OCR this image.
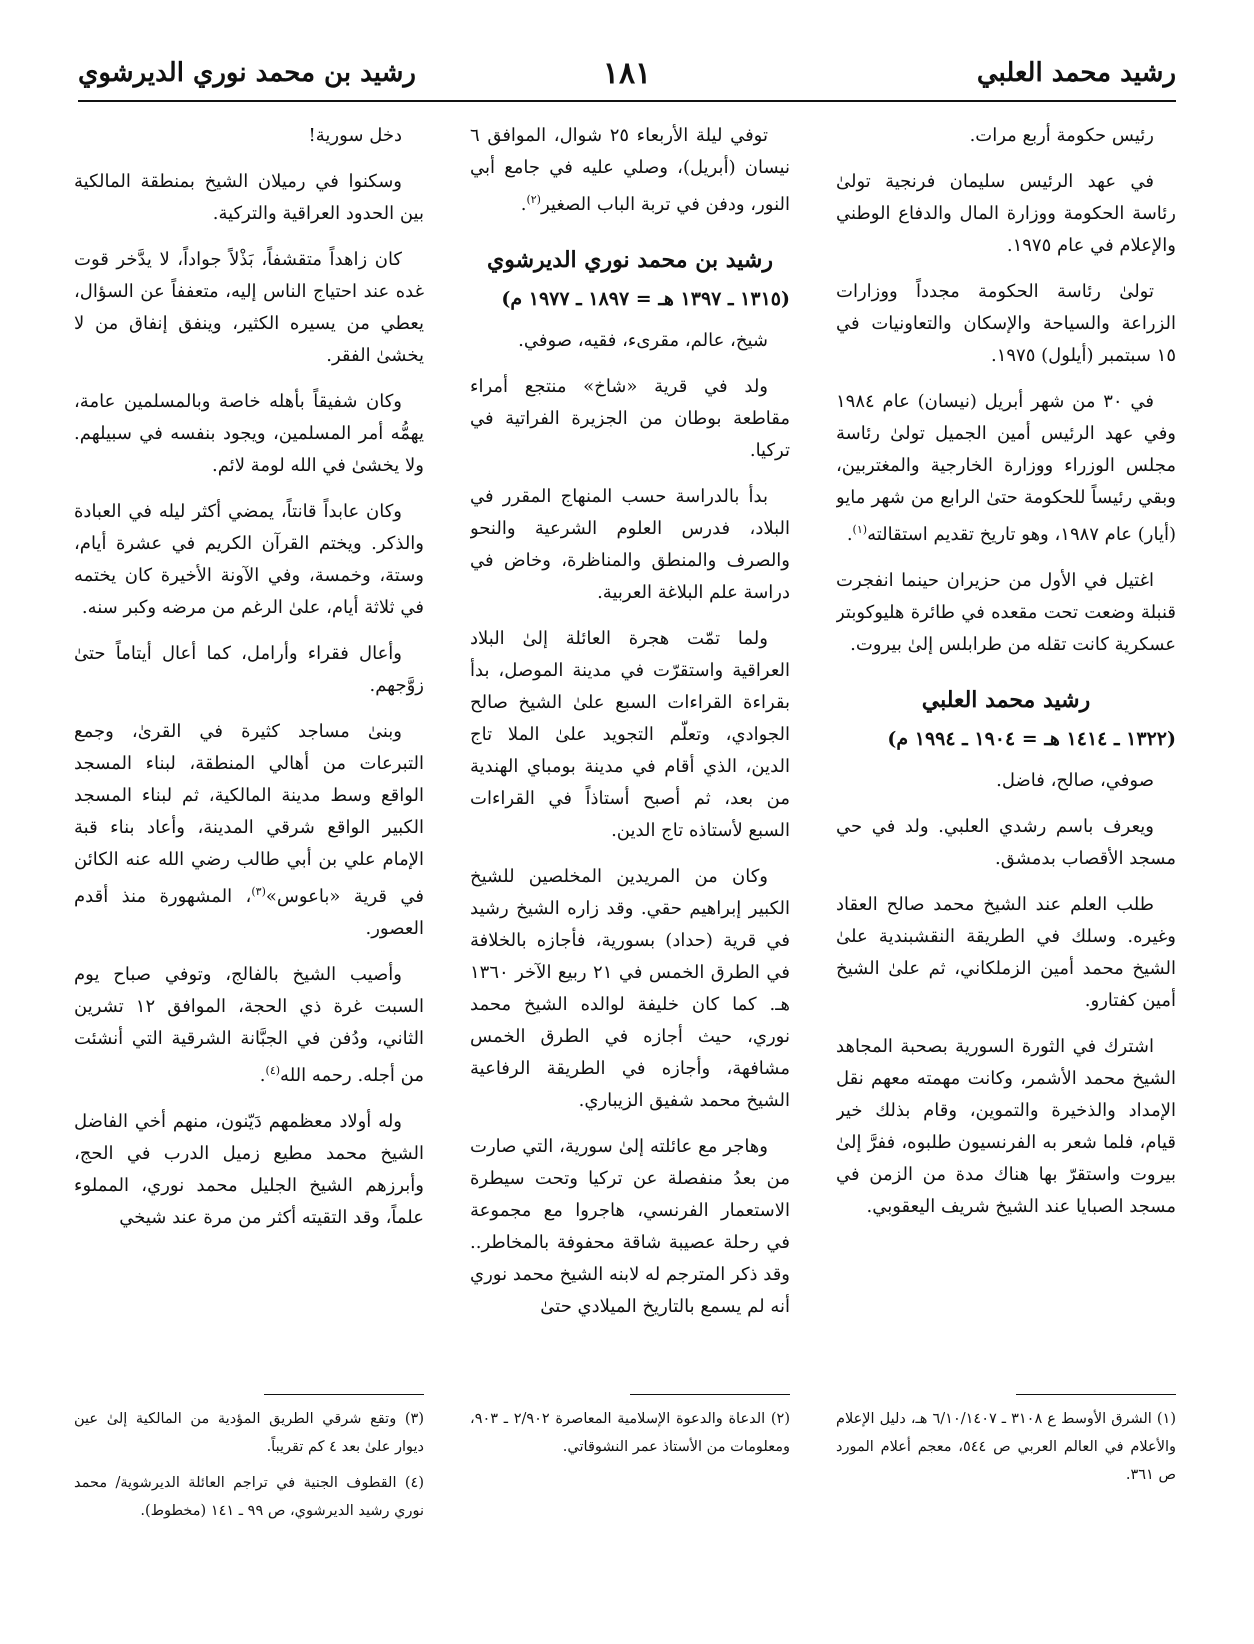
رشيد محمد العلبي
١٨١
رشيد بن محمد نوري الديرشوي

رئيس حكومة أربع مرات.

في عهد الرئيس سليمان فرنجية تولىٰ رئاسة الحكومة ووزارة المال والدفاع الوطني والإعلام في عام ١٩٧٥.

تولىٰ رئاسة الحكومة مجدداً ووزارات الزراعة والسياحة والإسكان والتعاونيات في ١٥ سبتمبر (أيلول) ١٩٧٥.

في ٣٠ من شهر أبريل (نيسان) عام ١٩٨٤ وفي عهد الرئيس أمين الجميل تولىٰ رئاسة مجلس الوزراء ووزارة الخارجية والمغتربين، وبقي رئيساً للحكومة حتىٰ الرابع من شهر مايو (أيار) عام ١٩٨٧، وهو تاريخ تقديم استقالته$^{(١)}$.

اغتيل في الأول من حزيران حينما انفجرت قنبلة وضعت تحت مقعده في طائرة هليوكوبتر عسكرية كانت تقله من طرابلس إلىٰ بيروت.

رشيد محمد العلبي
(١٣٢٢ ـ ١٤١٤ هـ = ١٩٠٤ ـ ١٩٩٤ م)

صوفي، صالح، فاضل.

ويعرف باسم رشدي العلبي. ولد في حي مسجد الأقصاب بدمشق.

طلب العلم عند الشيخ محمد صالح العقاد وغيره. وسلك في الطريقة النقشبندية علىٰ الشيخ محمد أمين الزملكاني، ثم علىٰ الشيخ أمين كفتارو.

اشترك في الثورة السورية بصحبة المجاهد الشيخ محمد الأشمر، وكانت مهمته معهم نقل الإمداد والذخيرة والتموين، وقام بذلك خير قيام، فلما شعر به الفرنسيون طلبوه، ففرَّ إلىٰ بيروت واستقرّ بها هناك مدة من الزمن في مسجد الصبايا عند الشيخ شريف اليعقوبي.

(١) الشرق الأوسط ع ٣١٠٨ ـ ٦/١٠/١٤٠٧ هـ، دليل الإعلام والأعلام في العالم العربي ص ٥٤٤، معجم أعلام المورد ص ٣٦١.

توفي ليلة الأربعاء ٢٥ شوال، الموافق ٦ نيسان (أبريل)، وصلي عليه في جامع أبي النور، ودفن في تربة الباب الصغير$^{(٢)}$.

رشيد بن محمد نوري الديرشوي
(١٣١٥ ـ ١٣٩٧ هـ = ١٨٩٧ ـ ١٩٧٧ م)

شيخ، عالم، مقرىء، فقيه، صوفي.

ولد في قرية «شاخ» منتجع أمراء مقاطعة بوطان من الجزيرة الفراتية في تركيا.

بدأ بالدراسة حسب المنهاج المقرر في البلاد، فدرس العلوم الشرعية والنحو والصرف والمنطق والمناظرة، وخاض في دراسة علم البلاغة العربية.

ولما تمّت هجرة العائلة إلىٰ البلاد العراقية واستقرّت في مدينة الموصل، بدأ بقراءة القراءات السبع علىٰ الشيخ صالح الجوادي، وتعلّم التجويد علىٰ الملا تاج الدين، الذي أقام في مدينة بومباي الهندية من بعد، ثم أصبح أستاذاً في القراءات السبع لأستاذه تاج الدين.

وكان من المريدين المخلصين للشيخ الكبير إبراهيم حقي. وقد زاره الشيخ رشيد في قرية (حداد) بسورية، فأجازه بالخلافة في الطرق الخمس في ٢١ ربيع الآخر ١٣٦٠ هـ. كما كان خليفة لوالده الشيخ محمد نوري، حيث أجازه في الطرق الخمس مشافهة، وأجازه في الطريقة الرفاعية الشيخ محمد شفيق الزيباري.

وهاجر مع عائلته إلىٰ سورية، التي صارت من بعدُ منفصلة عن تركيا وتحت سيطرة الاستعمار الفرنسي، هاجروا مع مجموعة في رحلة عصيبة شاقة محفوفة بالمخاطر.. وقد ذكر المترجم له لابنه الشيخ محمد نوري أنه لم يسمع بالتاريخ الميلادي حتىٰ

(٢) الدعاة والدعوة الإسلامية المعاصرة ٢/٩٠٢ ـ ٩٠٣، ومعلومات من الأستاذ عمر النشوقاتي.

دخل سورية!

وسكنوا في رميلان الشيخ بمنطقة المالكية بين الحدود العراقية والتركية.

كان زاهداً متقشفاً، بَذْلاً جواداً، لا يدَّخر قوت غده عند احتياج الناس إليه، متعففاً عن السؤال، يعطي من يسيره الكثير، وينفق إنفاق من لا يخشىٰ الفقر.

وكان شفيقاً بأهله خاصة وبالمسلمين عامة، يهمُّه أمر المسلمين، ويجود بنفسه في سبيلهم. ولا يخشىٰ في الله لومة لائم.

وكان عابداً قانتاً، يمضي أكثر ليله في العبادة والذكر. ويختم القرآن الكريم في عشرة أيام، وستة، وخمسة، وفي الآونة الأخيرة كان يختمه في ثلاثة أيام، علىٰ الرغم من مرضه وكبر سنه.

وأعال فقراء وأرامل، كما أعال أيتاماً حتىٰ زوَّجهم.

وبنىٰ مساجد كثيرة في القرىٰ، وجمع التبرعات من أهالي المنطقة، لبناء المسجد الواقع وسط مدينة المالكية، ثم لبناء المسجد الكبير الواقع شرقي المدينة، وأعاد بناء قبة الإمام علي بن أبي طالب رضي الله عنه الكائن في قرية «باعوس»$^{(٣)}$، المشهورة منذ أقدم العصور.

وأصيب الشيخ بالفالج، وتوفي صباح يوم السبت غرة ذي الحجة، الموافق ١٢ تشرين الثاني، ودُفن في الجبَّانة الشرقية التي أنشئت من أجله. رحمه الله$^{(٤)}$.

وله أولاد معظمهم دَيّنون، منهم أخي الفاضل الشيخ محمد مطيع زميل الدرب في الحج، وأبرزهم الشيخ الجليل محمد نوري، المملوء علماً، وقد التقيته أكثر من مرة عند شيخي

(٣) وتقع شرقي الطريق المؤدية من المالكية إلىٰ عين ديوار علىٰ بعد ٤ كم تقريباً.

(٤) القطوف الجنية في تراجم العائلة الديرشوية/ محمد نوري رشيد الديرشوي، ص ٩٩ ـ ١٤١ (مخطوط).
